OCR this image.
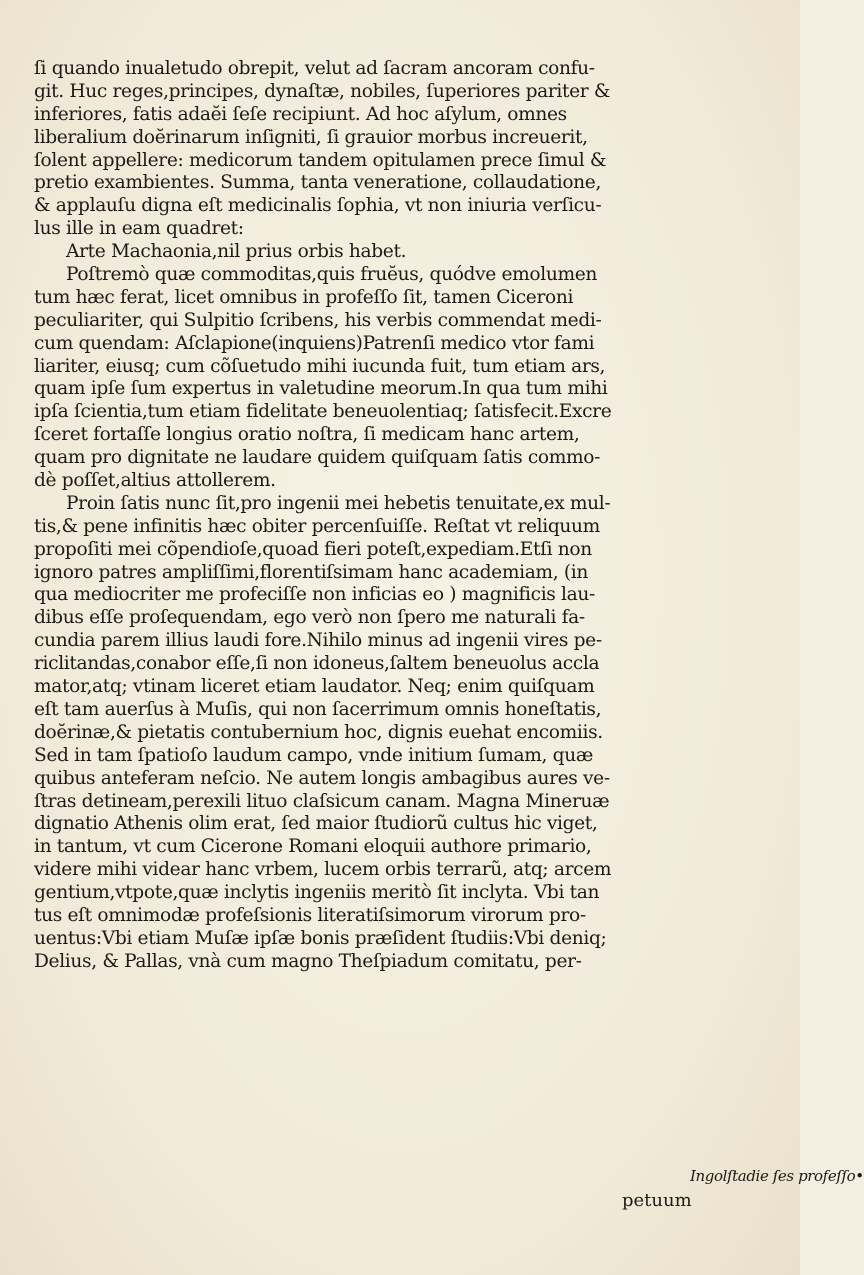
ſi quando inualetudo obrepit, velut ad ſacram ancoram confu-
git. Huc reges,principes, dynaſtæ, nobiles, ſuperiores pariter &
inferiores, fatis adaӗi ſeſe recipiunt. Ad hoc aſylum, omnes
liberalium doӗrinarum inſigniti, ſi grauior morbus increuerit,
ſolent appellere: medicorum tandem opitulamen prece ſimul &
pretio exambientes. Summa, tanta veneratione, collaudatione,
& applauſu digna eſt medicinalis ſophia, vt non iniuria verſicu-
lus ille in eam quadret:
Arte Machaonia,nil prius orbis habet.
Poſtremò quæ commoditas,quis fruӗus, quódve emolumen
tum hæc ferat, licet omnibus in profeſſo ſit, tamen Ciceroni
peculiariter, qui Sulpitio ſcribens, his verbis commendat medi-
cum quendam: Aſclapione(inquiens)Patrenſi medico vtor fami
liariter, eiusq; cum cõſuetudo mihi iucunda fuit, tum etiam ars,
quam ipſe ſum expertus in valetudine meorum.In qua tum mihi
ipſa ſcientia,tum etiam fidelitate beneuolentiaq; ſatisfecit.Excre
ſceret fortaſſe longius oratio noſtra, ſi medicam hanc artem,
quam pro dignitate ne laudare quidem quiſquam ſatis commo-
dè poſſet,altius attollerem.
Proin ſatis nunc ſit,pro ingenii mei hebetis tenuitate,ex mul-
tis,& pene infinitis hæc obiter percenſuiſſe. Reſtat vt reliquum
propoſiti mei cõpendioſe,quoad fieri poteſt,expediam.Etſi non
ignoro patres ampliſſimi,florentiſsimam hanc academiam, (in
qua mediocriter me profeciſſe non inficias eo ) magnificis lau-
dibus eſſe proſequendam, ego verò non ſpero me naturali fa-
cundia parem illius laudi fore.Nihilo minus ad ingenii vires pe-
riclitandas,conabor eſſe,ſi non idoneus,ſaltem beneuolus accla
mator,atq; vtinam liceret etiam laudator. Neq; enim quiſquam
eſt tam auerſus à Muſis, qui non ſacerrimum omnis honeſtatis,
doӗrinæ,& pietatis contubernium hoc, dignis euehat encomiis.
Sed in tam ſpatioſo laudum campo, vnde initium ſumam, quæ
quibus anteferam neſcio. Ne autem longis ambagibus aures ve-
ſtras detineam,perexili lituo claſsicum canam. Magna Mineruæ
dignatio Athenis olim erat, ſed maior ſtudiorũ cultus hic viget,
in tantum, vt cum Cicerone Romani eloquii authore primario,
videre mihi videar hanc vrbem, lucem orbis terrarũ, atq; arcem
gentium,vtpote,quæ inclytis ingeniis meritò ſit inclyta. Vbi tan
tus eſt omnimodæ profeſsionis literatiſsimorum virorum pro-
uentus:Vbi etiam Muſæ ipſæ bonis præſident ſtudiis:Vbi deniq;
Delius, & Pallas, vnà cum magno Theſpiadum comitatu, per-
Ingolſtadie ſes profeſſo•
petuum
